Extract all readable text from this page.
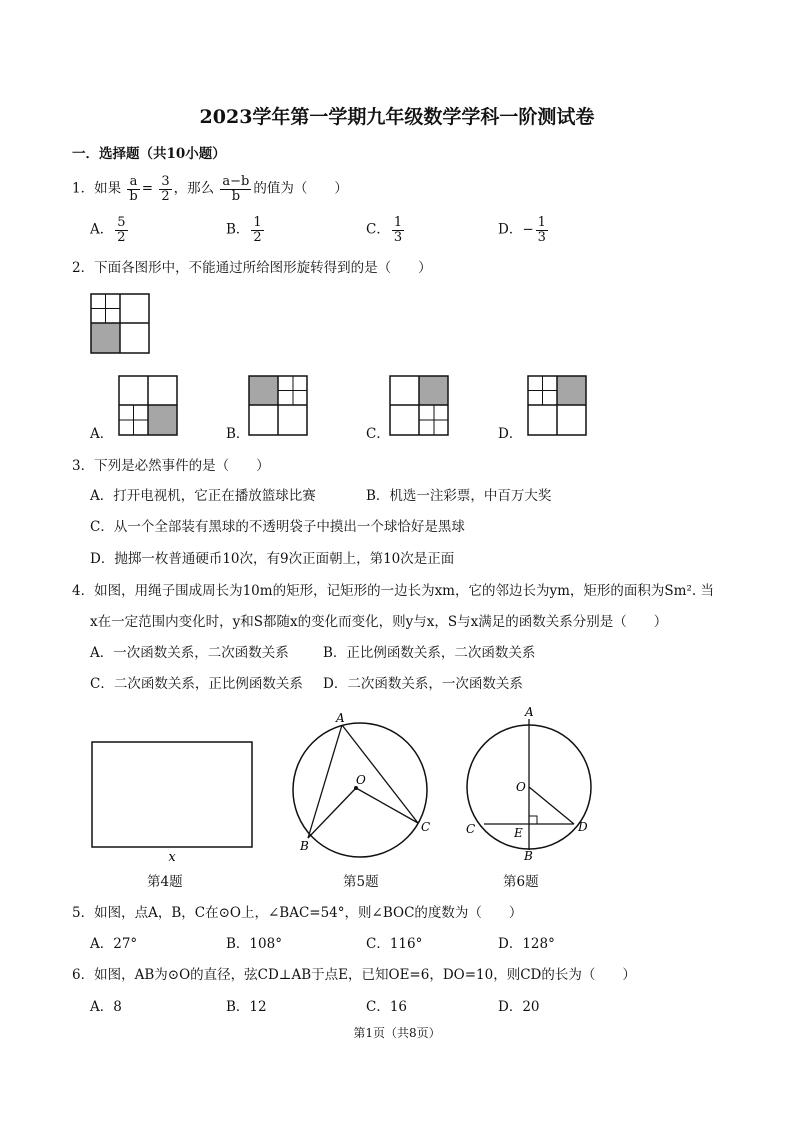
2023学年第一学期九年级数学学科一阶测试卷
一．选择题（共10小题）
1．如果 $\frac{a}{b} = \frac{3}{2}$ ，那么 $\frac{a-b}{b}$ 的值为（　　）
A． $\frac{5}{2}$	B． $\frac{1}{2}$	C． $\frac{1}{3}$	D．− $\frac{1}{3}$
2．下面各图形中，不能通过所给图形旋转得到的是（　　）
A．	B．	C．	D．
3．下列是必然事件的是（　　）
A．打开电视机，它正在播放篮球比赛	B．机选一注彩票，中百万大奖
C．从一个全部装有黑球的不透明袋子中摸出一个球恰好是黑球
D．抛掷一枚普通硬币10次，有9次正面朝上，第10次是正面
4．如图，用绳子围成周长为10m的矩形，记矩形的一边长为xm，它的邻边长为ym，矩形的面积为Sm². 当
x在一定范围内变化时，y和S都随x的变化而变化，则y与x，S与x满足的函数关系分别是（　　）
A．一次函数关系，二次函数关系	B．正比例函数关系，二次函数关系
C．二次函数关系，正比例函数关系 D．二次函数关系，一次函数关系
x
第4题
A
B
C
O
第5题
A
B
C	D
E
O
第6题
5．如图，点A，B，C在⊙O上，∠BAC=54°，则∠BOC的度数为（　　）
A．27°	B．108°	C．116°	D．128°
6．如图，AB为⊙O的直径，弦CD⊥AB于点E，已知OE=6，DO=10，则CD的长为（　　）
A．8	B．12	C．16	D．20
第1页（共8页）
